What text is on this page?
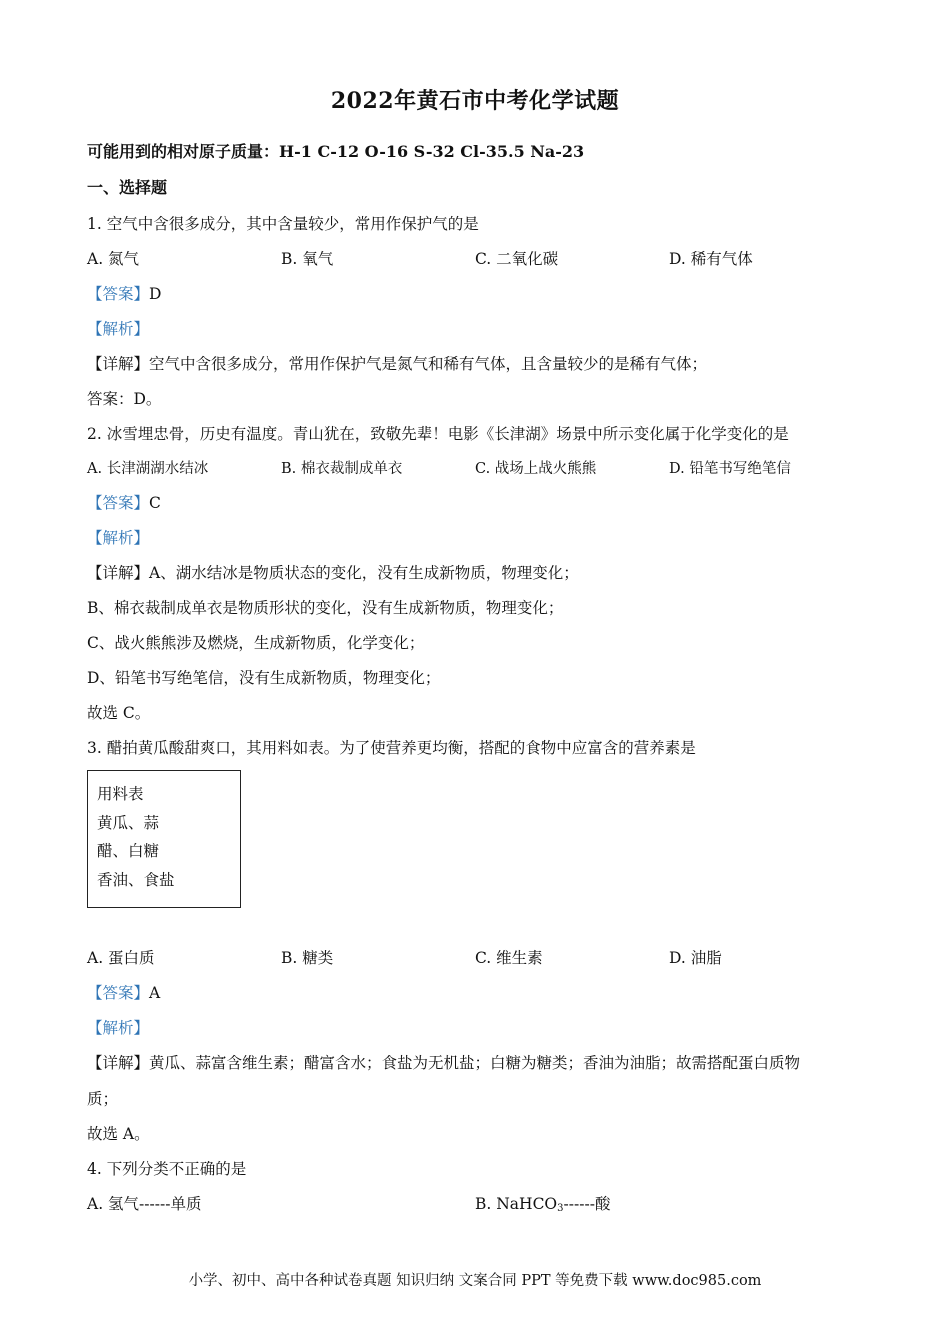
2022年黄石市中考化学试题
可能用到的相对原子质量：H-1 C-12 O-16 S-32 Cl-35.5 Na-23
一、选择题
1. 空气中含很多成分，其中含量较少，常用作保护气的是
A. 氮气	B. 氧气	C. 二氧化碳	D. 稀有气体
【答案】D
【解析】
【详解】空气中含很多成分，常用作保护气是氮气和稀有气体，且含量较少的是稀有气体；
答案：D。
2. 冰雪埋忠骨，历史有温度。青山犹在，致敬先辈！电影《长津湖》场景中所示变化属于化学变化的是
A. 长津湖湖水结冰	B. 棉衣裁制成单衣	C. 战场上战火熊熊	D. 铅笔书写绝笔信
【答案】C
【解析】
【详解】A、湖水结冰是物质状态的变化，没有生成新物质，物理变化；
B、棉衣裁制成单衣是物质形状的变化，没有生成新物质，物理变化；
C、战火熊熊涉及燃烧，生成新物质，化学变化；
D、铅笔书写绝笔信，没有生成新物质，物理变化；
故选 C。
3. 醋拍黄瓜酸甜爽口，其用料如表。为了使营养更均衡，搭配的食物中应富含的营养素是
用料表
黄瓜、蒜
醋、白糖
香油、食盐
A. 蛋白质	B. 糖类	C. 维生素	D. 油脂
【答案】A
【解析】
【详解】黄瓜、蒜富含维生素；醋富含水；食盐为无机盐；白糖为糖类；香油为油脂；故需搭配蛋白质物
质；
故选 A。
4. 下列分类不正确的是
A. 氢气------单质	B. NaHCO$_3$------酸
小学、初中、高中各种试卷真题 知识归纳 文案合同 PPT 等免费下载 www.doc985.com
